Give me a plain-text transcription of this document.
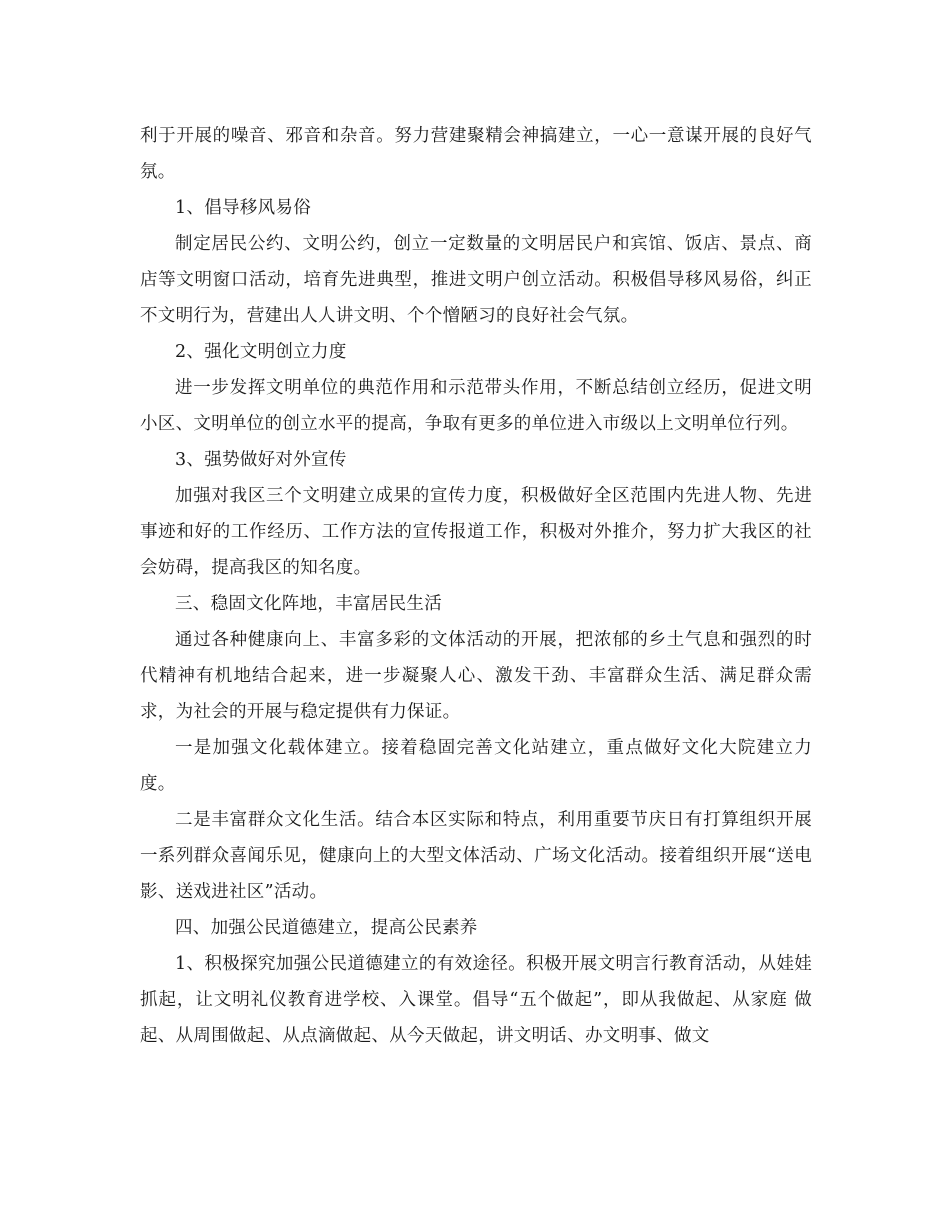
利于开展的噪音、邪音和杂音。努力营建聚精会神搞建立，一心一意谋开展的良好气氛。

1、倡导移风易俗

制定居民公约、文明公约，创立一定数量的文明居民户和宾馆、饭店、景点、商店等文明窗口活动，培育先进典型，推进文明户创立活动。积极倡导移风易俗，纠正不文明行为，营建出人人讲文明、个个憎陋习的良好社会气氛。

2、强化文明创立力度

进一步发挥文明单位的典范作用和示范带头作用，不断总结创立经历，促进文明小区、文明单位的创立水平的提高，争取有更多的单位进入市级以上文明单位行列。

3、强势做好对外宣传

加强对我区三个文明建立成果的宣传力度，积极做好全区范围内先进人物、先进事迹和好的工作经历、工作方法的宣传报道工作，积极对外推介，努力扩大我区的社会妨碍，提高我区的知名度。

三、稳固文化阵地，丰富居民生活

通过各种健康向上、丰富多彩的文体活动的开展，把浓郁的乡土气息和强烈的时代精神有机地结合起来，进一步凝聚人心、激发干劲、丰富群众生活、满足群众需求，为社会的开展与稳定提供有力保证。

一是加强文化载体建立。接着稳固完善文化站建立，重点做好文化大院建立力度。

二是丰富群众文化生活。结合本区实际和特点，利用重要节庆日有打算组织开展一系列群众喜闻乐见，健康向上的大型文体活动、广场文化活动。接着组织开展“送电影、送戏进社区”活动。

四、加强公民道德建立，提高公民素养

1、积极探究加强公民道德建立的有效途径。积极开展文明言行教育活动，从娃娃抓起，让文明礼仪教育进学校、入课堂。倡导“五个做起”，即从我做起、从家庭 做起、从周围做起、从点滴做起、从今天做起，讲文明话、办文明事、做文
